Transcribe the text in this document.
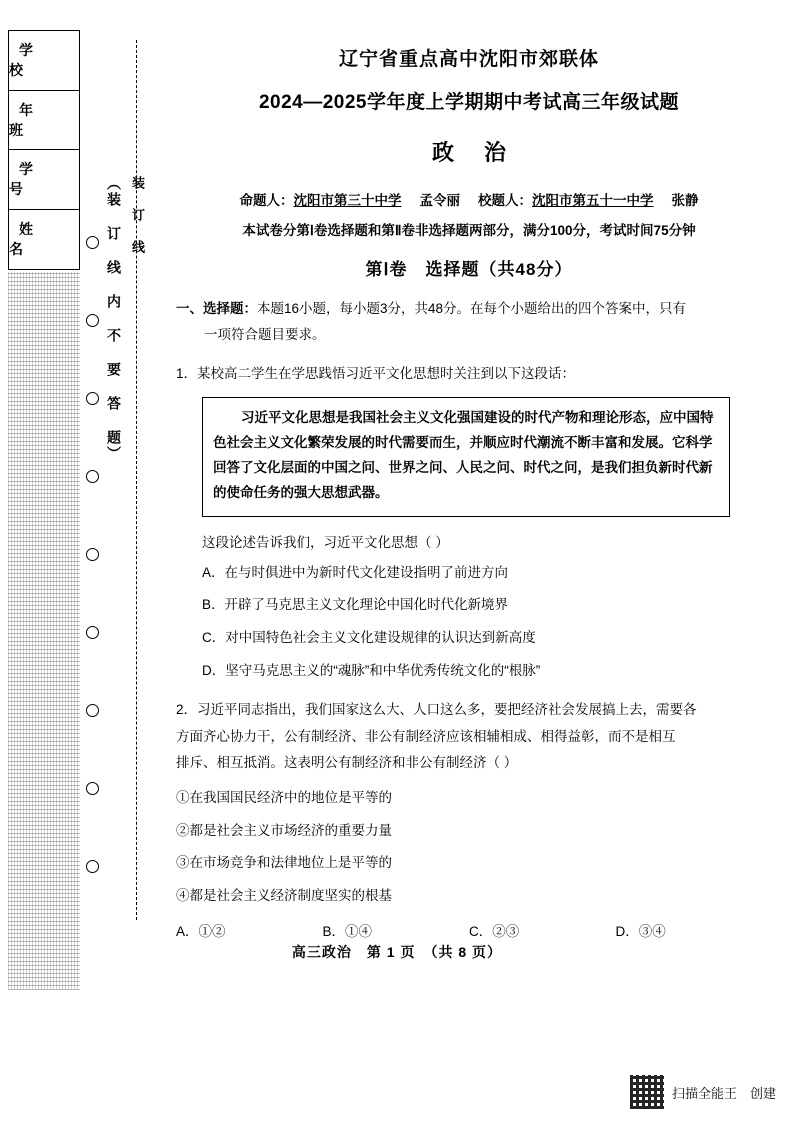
学 校
年 班
学 号
姓 名	（装 订 线 内 不 要 答 题） 装 订 线
辽宁省重点高中沈阳市郊联体
2024—2025学年度上学期期中考试高三年级试题
政 治
命题人：沈阳市第三十中学 孟令丽 校题人：沈阳市第五十一中学 张静
本试卷分第Ⅰ卷选择题和第Ⅱ卷非选择题两部分，满分100分，考试时间75分钟
第Ⅰ卷　选择题（共48分）
一、选择题：本题16小题，每小题3分，共48分。在每个小题给出的四个答案中，只有
一项符合题目要求。
1．某校高二学生在学思践悟习近平文化思想时关注到以下这段话：

习近平文化思想是我国社会主义文化强国建设的时代产物和理论形态，应中国特色社会主义文化繁荣发展的时代需要而生，并顺应时代潮流不断丰富和发展。它科学回答了文化层面的中国之问、世界之问、人民之问、时代之问，是我们担负新时代新的使命任务的强大思想武器。

这段论述告诉我们，习近平文化思想（ ）
A．在与时俱进中为新时代文化建设指明了前进方向
B．开辟了马克思主义文化理论中国化时代化新境界
C．对中国特色社会主义文化建设规律的认识达到新高度
D．坚守马克思主义的“魂脉”和中华优秀传统文化的“根脉”
2．习近平同志指出，我们国家这么大、人口这么多，要把经济社会发展搞上去，需要各
方面齐心协力干，公有制经济、非公有制经济应该相辅相成、相得益彰，而不是相互
排斥、相互抵消。这表明公有制经济和非公有制经济（ ）
①在我国国民经济中的地位是平等的
②都是社会主义市场经济的重要力量
③在市场竞争和法律地位上是平等的
④都是社会主义经济制度坚实的根基
A．①②	B．①④	C．②③	D．③④
高三政治　第 1 页　（共 8 页）
扫描全能王　创建
